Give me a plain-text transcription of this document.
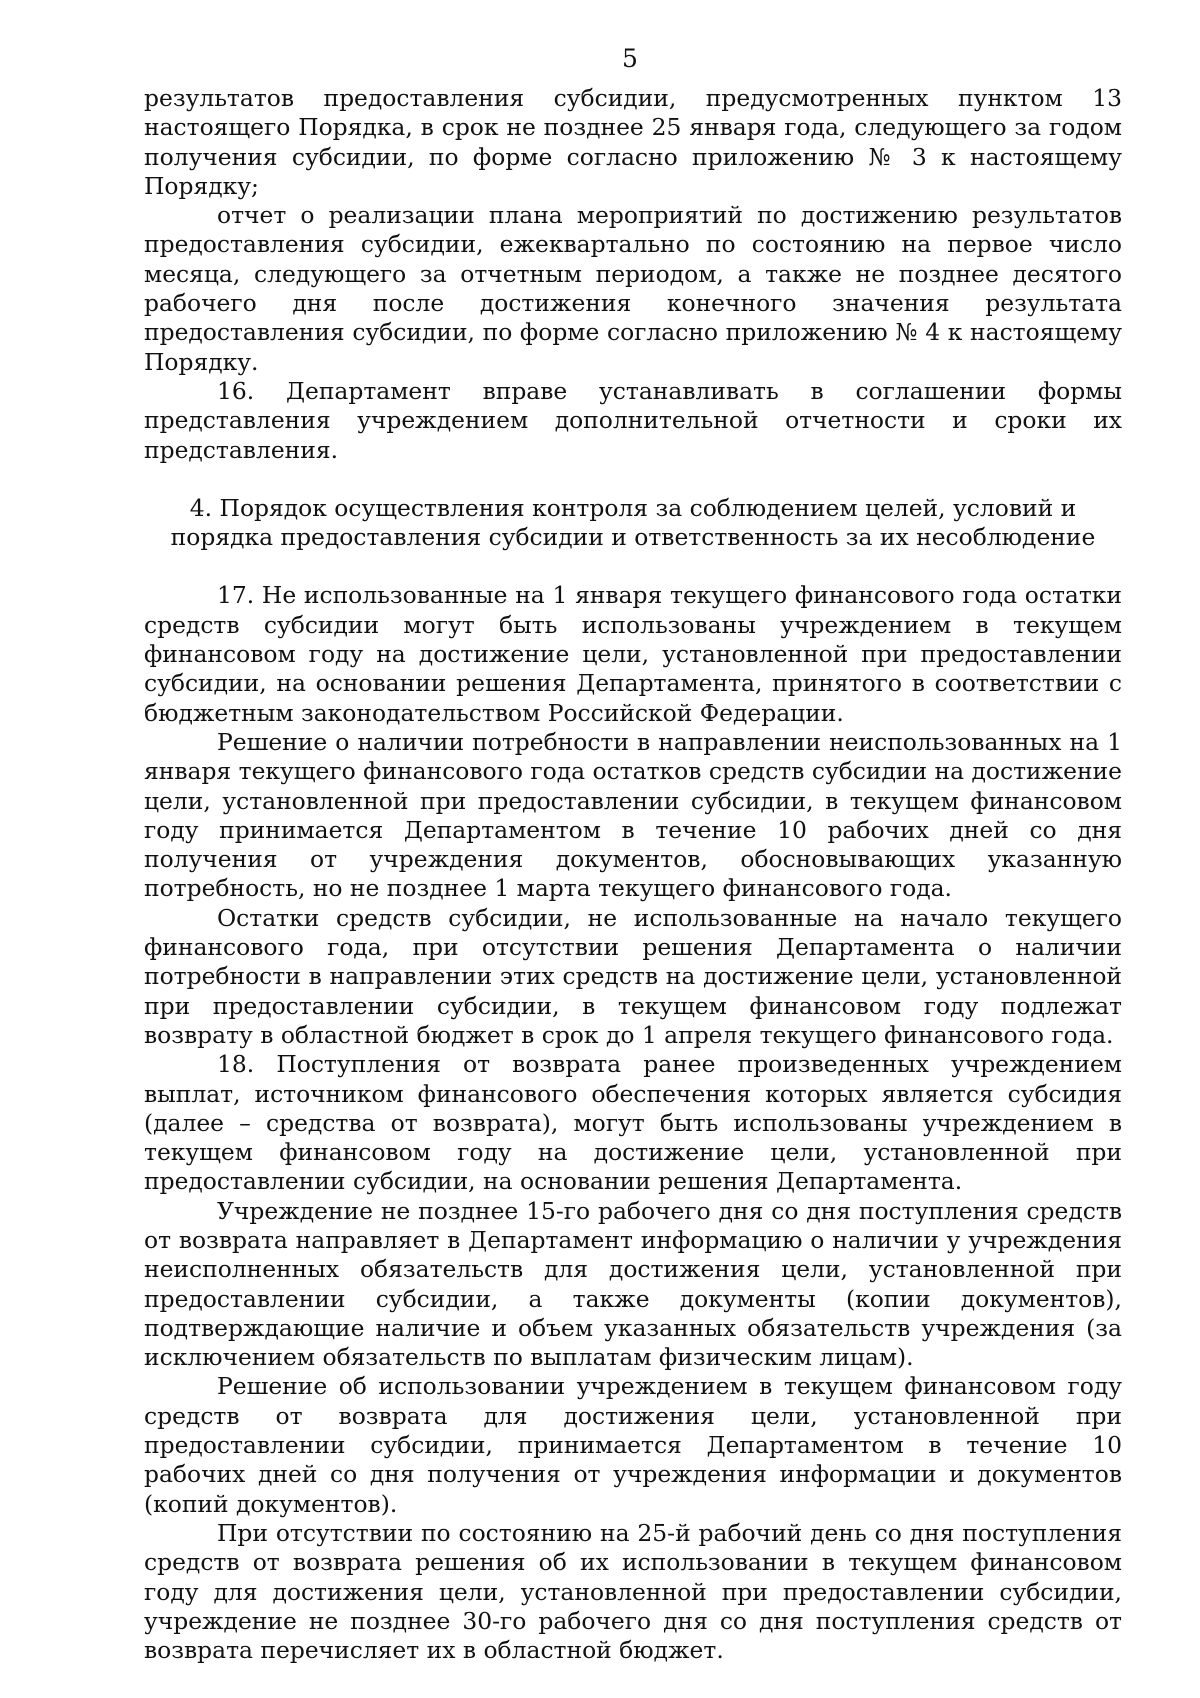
5

результатов предоставления субсидии, предусмотренных пунктом 13 настоящего Порядка, в срок не позднее 25 января года, следующего за годом получения субсидии, по форме согласно приложению № 3 к настоящему Порядку;

отчет о реализации плана мероприятий по достижению результатов предоставления субсидии, ежеквартально по состоянию на первое число месяца, следующего за отчетным периодом, а также не позднее десятого рабочего дня после достижения конечного значения результата предоставления субсидии, по форме согласно приложению № 4 к настоящему Порядку.

16. Департамент вправе устанавливать в соглашении формы представления учреждением дополнительной отчетности и сроки их представления.

4. Порядок осуществления контроля за соблюдением целей, условий и порядка предоставления субсидии и ответственность за их несоблюдение

17. Не использованные на 1 января текущего финансового года остатки средств субсидии могут быть использованы учреждением в текущем финансовом году на достижение цели, установленной при предоставлении субсидии, на основании решения Департамента, принятого в соответствии с бюджетным законодательством Российской Федерации.

Решение о наличии потребности в направлении неиспользованных на 1 января текущего финансового года остатков средств субсидии на достижение цели, установленной при предоставлении субсидии, в текущем финансовом году принимается Департаментом в течение 10 рабочих дней со дня получения от учреждения документов, обосновывающих указанную потребность, но не позднее 1 марта текущего финансового года.

Остатки средств субсидии, не использованные на начало текущего финансового года, при отсутствии решения Департамента о наличии потребности в направлении этих средств на достижение цели, установленной при предоставлении субсидии, в текущем финансовом году подлежат возврату в областной бюджет в срок до 1 апреля текущего финансового года.

18. Поступления от возврата ранее произведенных учреждением выплат, источником финансового обеспечения которых является субсидия (далее – средства от возврата), могут быть использованы учреждением в текущем финансовом году на достижение цели, установленной при предоставлении субсидии, на основании решения Департамента.

Учреждение не позднее 15-го рабочего дня со дня поступления средств от возврата направляет в Департамент информацию о наличии у учреждения неисполненных обязательств для достижения цели, установленной при предоставлении субсидии, а также документы (копии документов), подтверждающие наличие и объем указанных обязательств учреждения (за исключением обязательств по выплатам физическим лицам).

Решение об использовании учреждением в текущем финансовом году средств от возврата для достижения цели, установленной при предоставлении субсидии, принимается Департаментом в течение 10 рабочих дней со дня получения от учреждения информации и документов (копий документов).

При отсутствии по состоянию на 25-й рабочий день со дня поступления средств от возврата решения об их использовании в текущем финансовом году для достижения цели, установленной при предоставлении субсидии, учреждение не позднее 30-го рабочего дня со дня поступления средств от возврата перечисляет их в областной бюджет.
